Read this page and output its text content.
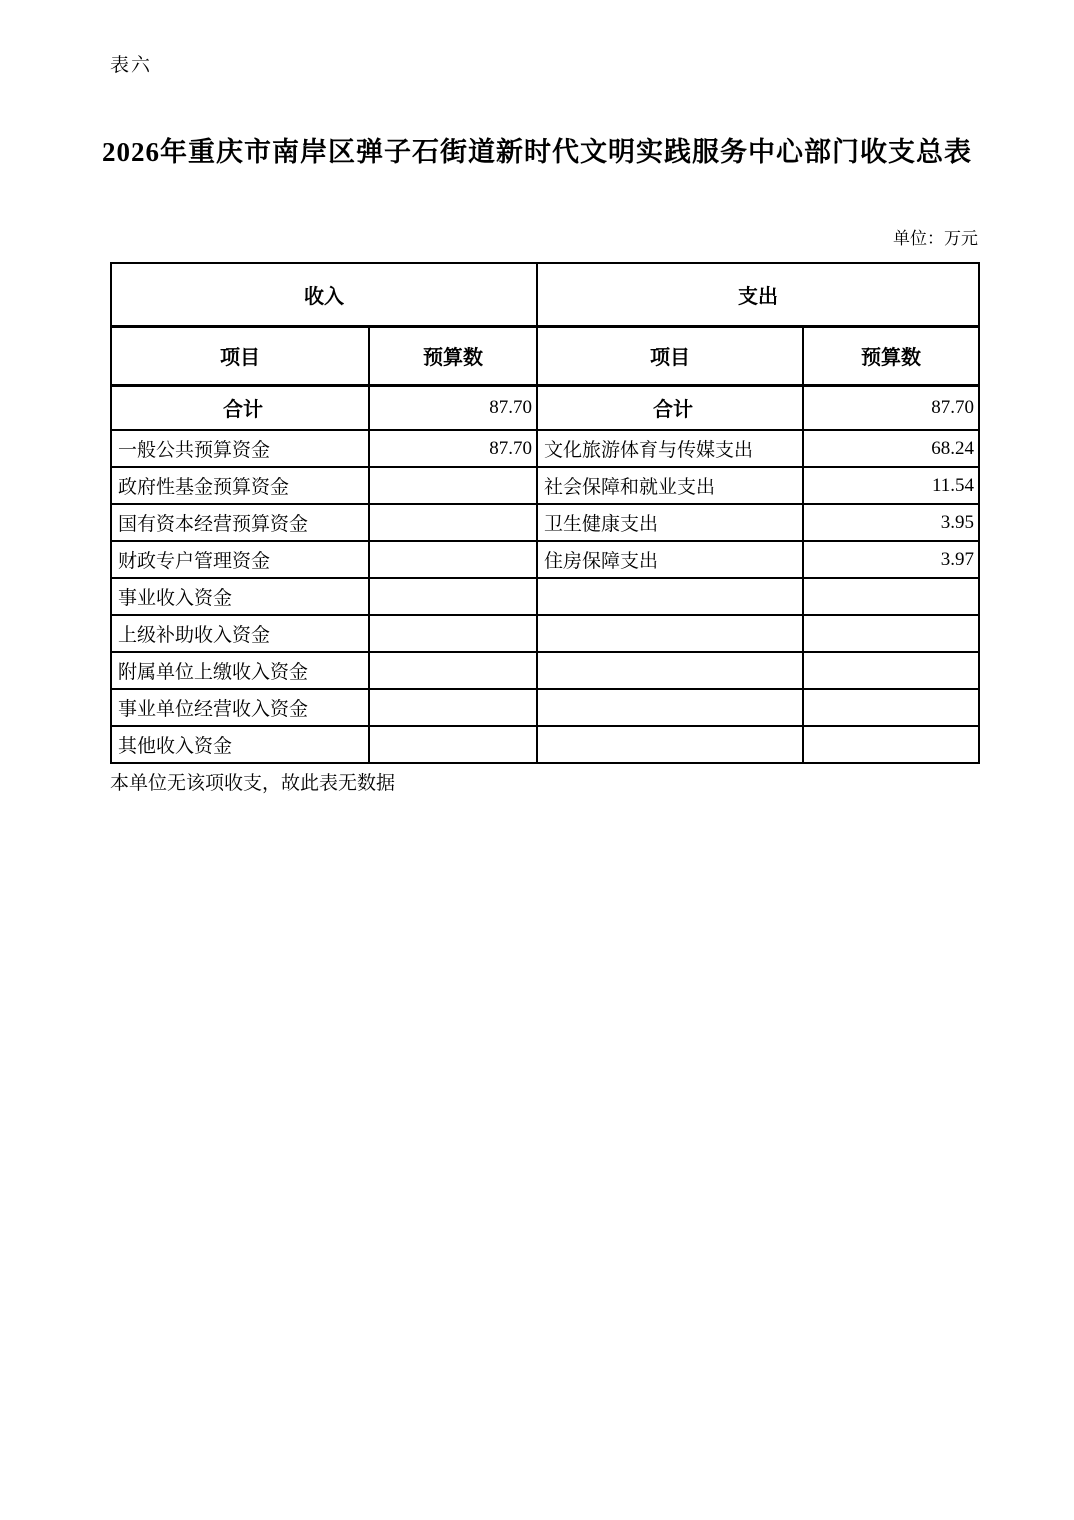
表六
2026年重庆市南岸区弹子石街道新时代文明实践服务中心部门收支总表
单位：万元
收入		支出	
项目	预算数	项目	预算数
合计	87.70	合计	87.70
一般公共预算资金	87.70	文化旅游体育与传媒支出	68.24
政府性基金预算资金		社会保障和就业支出	11.54
国有资本经营预算资金		卫生健康支出	3.95
财政专户管理资金		住房保障支出	3.97
事业收入资金			
上级补助收入资金			
附属单位上缴收入资金			
事业单位经营收入资金			
其他收入资金			
本单位无该项收支，故此表无数据
